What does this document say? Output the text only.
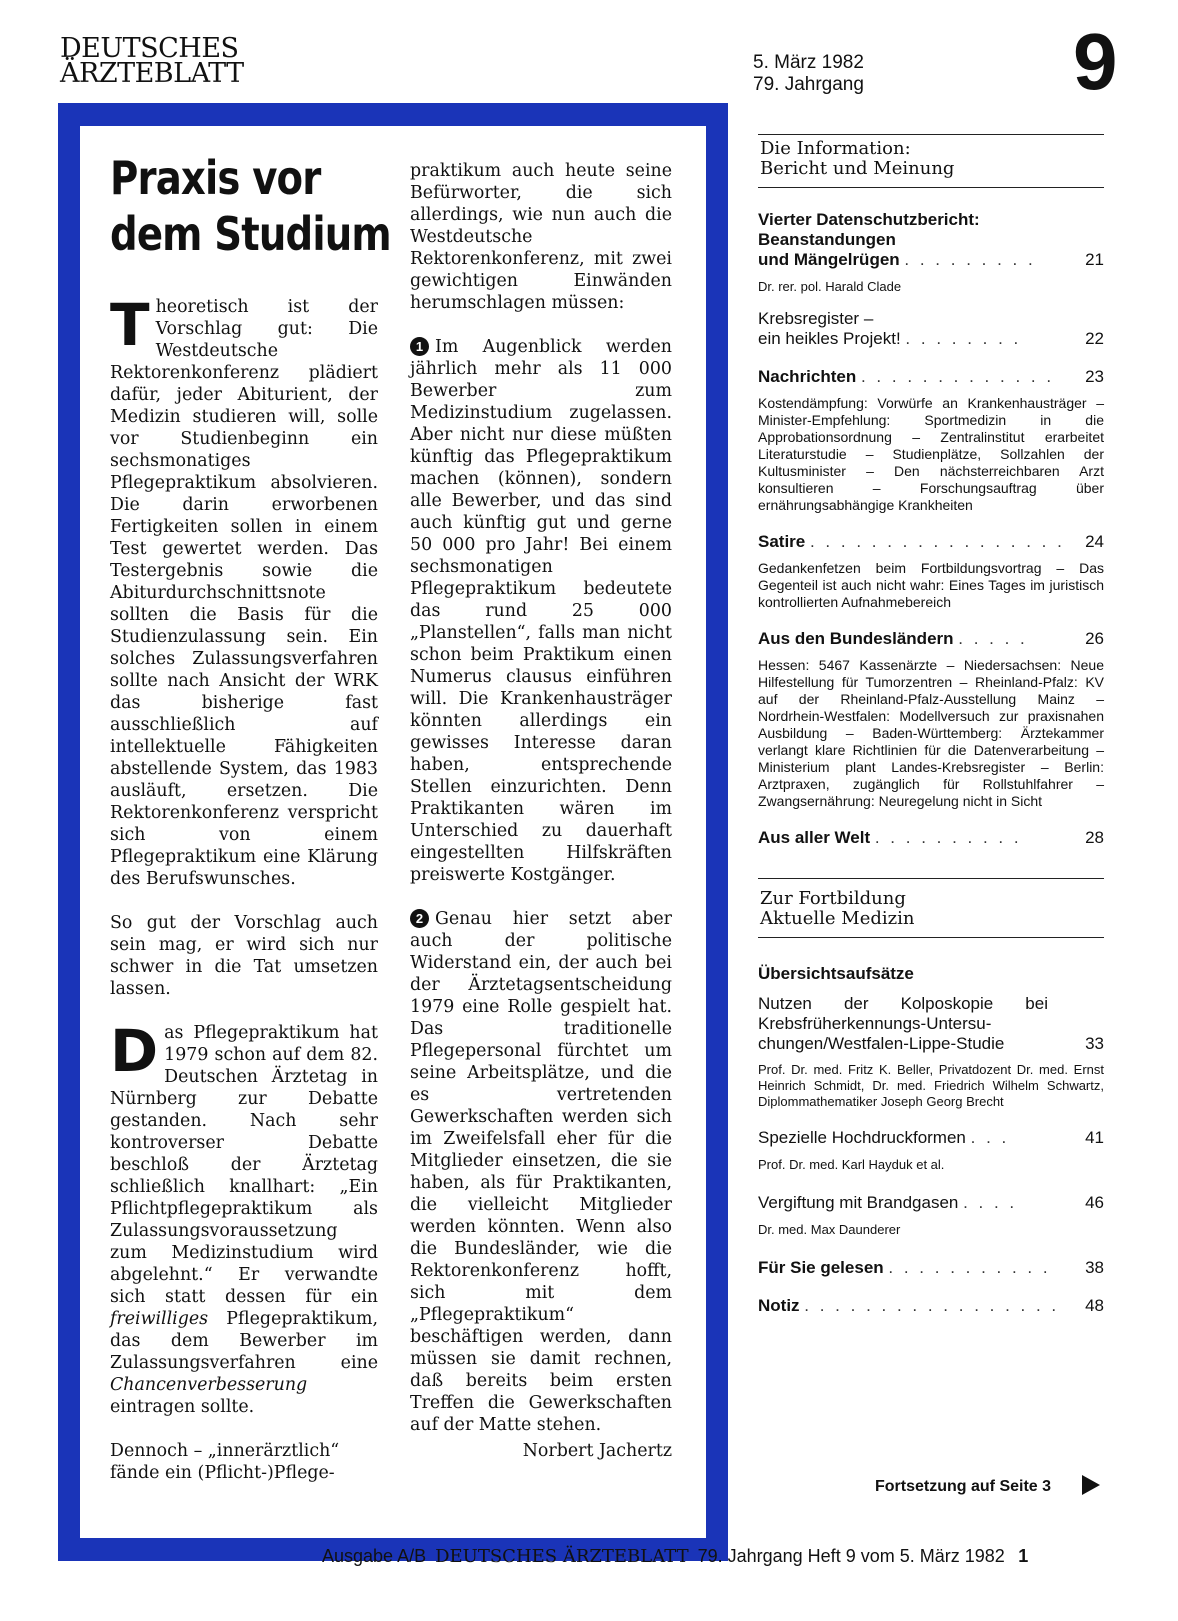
DEUTSCHES
ÄRZTEBLATT	5. März 1982
79. Jahrgang	9
Praxis vor
dem Studium

Theoretisch ist der Vorschlag gut: Die Westdeutsche Rektorenkonferenz plädiert dafür, jeder Abiturient, der Medizin studieren will, solle vor Studienbeginn ein sechsmonatiges Pflegepraktikum absolvieren. Die darin erworbenen Fertigkeiten sollen in einem Test gewertet werden. Das Testergebnis sowie die Abiturdurchschnittsnote sollten die Basis für die Studienzulassung sein. Ein solches Zulassungsverfahren sollte nach Ansicht der WRK das bisherige fast ausschließlich auf intellektuelle Fähigkeiten abstellende System, das 1983 ausläuft, ersetzen. Die Rektorenkonferenz verspricht sich von einem Pflegepraktikum eine Klärung des Berufswunsches.

So gut der Vorschlag auch sein mag, er wird sich nur schwer in die Tat umsetzen lassen.

Das Pflegepraktikum hat 1979 schon auf dem 82. Deutschen Ärztetag in Nürnberg zur Debatte gestanden. Nach sehr kontroverser Debatte beschloß der Ärztetag schließlich knallhart: „Ein Pflichtpflegepraktikum als Zulassungsvoraussetzung zum Medizinstudium wird abgelehnt.“ Er verwandte sich statt dessen für ein freiwilliges Pflegepraktikum, das dem Bewerber im Zulassungsverfahren eine Chancenverbesserung eintragen sollte.

Dennoch – „innerärztlich“ fände ein (Pflicht-)Pflege-

praktikum auch heute seine Befürworter, die sich allerdings, wie nun auch die Westdeutsche Rektorenkonferenz, mit zwei gewichtigen Einwänden herumschlagen müssen:

1 Im Augenblick werden jährlich mehr als 11 000 Bewerber zum Medizinstudium zugelassen. Aber nicht nur diese müßten künftig das Pflegepraktikum machen (können), sondern alle Bewerber, und das sind auch künftig gut und gerne 50 000 pro Jahr! Bei einem sechsmonatigen Pflegepraktikum bedeutete das rund 25 000 „Planstellen“, falls man nicht schon beim Praktikum einen Numerus clausus einführen will. Die Krankenhausträger könnten allerdings ein gewisses Interesse daran haben, entsprechende Stellen einzurichten. Denn Praktikanten wären im Unterschied zu dauerhaft eingestellten Hilfskräften preiswerte Kostgänger.

2 Genau hier setzt aber auch der politische Widerstand ein, der auch bei der Ärztetagsentscheidung 1979 eine Rolle gespielt hat. Das traditionelle Pflegepersonal fürchtet um seine Arbeitsplätze, und die es vertretenden Gewerkschaften werden sich im Zweifelsfall eher für die Mitglieder einsetzen, die sie haben, als für Praktikanten, die vielleicht Mitglieder werden könnten. Wenn also die Bundesländer, wie die Rektorenkonferenz hofft, sich mit dem „Pflegepraktikum“ beschäftigen werden, dann müssen sie damit rechnen, daß bereits beim ersten Treffen die Gewerkschaften auf der Matte stehen.

Norbert Jachertz
Die Information:
Bericht und Meinung
Vierter Datenschutzbericht:
Beanstandungen
und Mängelrügen . . . . . . . . .	21
Dr. rer. pol. Harald Clade
Krebsregister –
ein heikles Projekt! . . . . . . . .	22
Nachrichten . . . . . . . . . . . . .	23
Kostendämpfung: Vorwürfe an Krankenhausträger – Minister-Empfehlung: Sportmedizin in die Approbationsordnung – Zentralinstitut erarbeitet Literaturstudie – Studienplätze, Sollzahlen der Kultusminister – Den nächsterreichbaren Arzt konsultieren – Forschungsauftrag über ernährungsabhängige Krankheiten
Satire . . . . . . . . . . . . . . . . .	24
Gedankenfetzen beim Fortbildungsvortrag – Das Gegenteil ist auch nicht wahr: Eines Tages im juristisch kontrollierten Aufnahmebereich
Aus den Bundesländern . . . . .	26
Hessen: 5467 Kassenärzte – Niedersachsen: Neue Hilfestellung für Tumorzentren – Rheinland-Pfalz: KV auf der Rheinland-Pfalz-Ausstellung Mainz – Nordrhein-Westfalen: Modellversuch zur praxisnahen Ausbildung – Baden-Württemberg: Ärztekammer verlangt klare Richtlinien für die Datenverarbeitung – Ministerium plant Landes-Krebsregister – Berlin: Arztpraxen, zugänglich für Rollstuhlfahrer – Zwangsernährung: Neuregelung nicht in Sicht
Aus aller Welt . . . . . . . . . .	28
Zur Fortbildung
Aktuelle Medizin
Übersichtsaufsätze
Nutzen der Kolposkopie bei
Krebsfrüherkennungs-Untersu-
chungen/Westfalen-Lippe-Studie	33
Prof. Dr. med. Fritz K. Beller, Privatdozent Dr. med. Ernst Heinrich Schmidt, Dr. med. Friedrich Wilhelm Schwartz, Diplommathematiker Joseph Georg Brecht
Spezielle Hochdruckformen . . .	41
Prof. Dr. med. Karl Hayduk et al.
Vergiftung mit Brandgasen . . . .	46
Dr. med. Max Daunderer
Für Sie gelesen . . . . . . . . . . .	38
Notiz . . . . . . . . . . . . . . . . .	48
Fortsetzung auf Seite 3
Ausgabe A/B DEUTSCHES ÄRZTEBLATT 79. Jahrgang Heft 9 vom 5. März 1982 1
